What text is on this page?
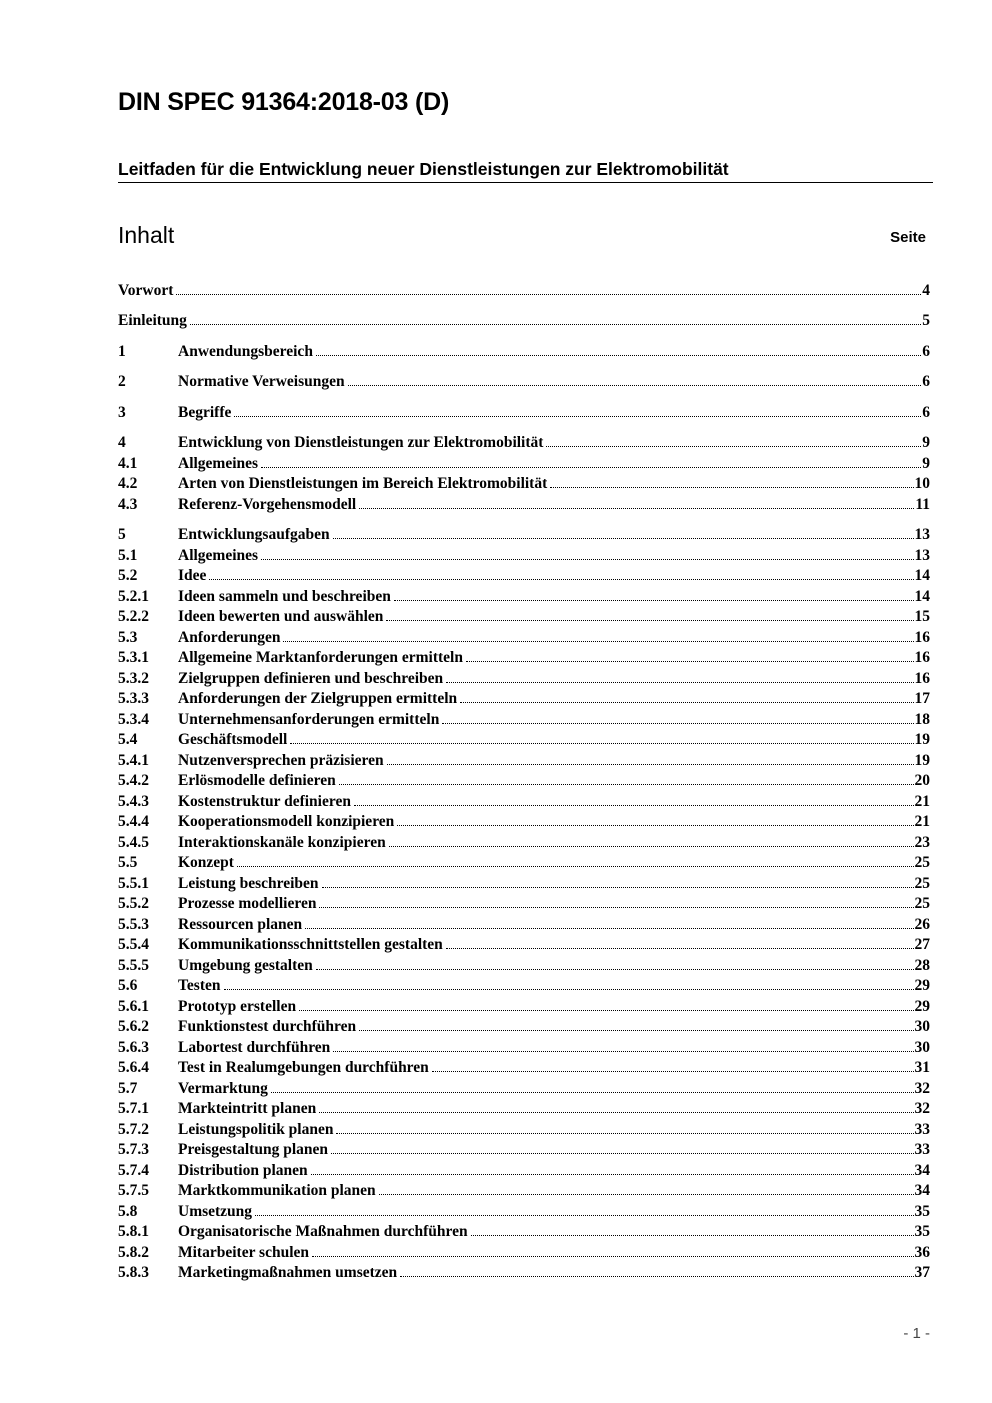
DIN SPEC 91364:2018-03 (D)
Leitfaden für die Entwicklung neuer Dienstleistungen zur Elektromobilität
Inhalt	Seite
Vorwort	4
Einleitung	5
1	Anwendungsbereich	6
2	Normative Verweisungen	6
3	Begriffe	6
4	Entwicklung von Dienstleistungen zur Elektromobilität	9
4.1	Allgemeines	9
4.2	Arten von Dienstleistungen im Bereich Elektromobilität	10
4.3	Referenz-Vorgehensmodell	11
5	Entwicklungsaufgaben	13
5.1	Allgemeines	13
5.2	Idee	14
5.2.1	Ideen sammeln und beschreiben	14
5.2.2	Ideen bewerten und auswählen	15
5.3	Anforderungen	16
5.3.1	Allgemeine Marktanforderungen ermitteln	16
5.3.2	Zielgruppen definieren und beschreiben	16
5.3.3	Anforderungen der Zielgruppen ermitteln	17
5.3.4	Unternehmensanforderungen ermitteln	18
5.4	Geschäftsmodell	19
5.4.1	Nutzenversprechen präzisieren	19
5.4.2	Erlösmodelle definieren	20
5.4.3	Kostenstruktur definieren	21
5.4.4	Kooperationsmodell konzipieren	21
5.4.5	Interaktionskanäle konzipieren	23
5.5	Konzept	25
5.5.1	Leistung beschreiben	25
5.5.2	Prozesse modellieren	25
5.5.3	Ressourcen planen	26
5.5.4	Kommunikationsschnittstellen gestalten	27
5.5.5	Umgebung gestalten	28
5.6	Testen	29
5.6.1	Prototyp erstellen	29
5.6.2	Funktionstest durchführen	30
5.6.3	Labortest durchführen	30
5.6.4	Test in Realumgebungen durchführen	31
5.7	Vermarktung	32
5.7.1	Markteintritt planen	32
5.7.2	Leistungspolitik planen	33
5.7.3	Preisgestaltung planen	33
5.7.4	Distribution planen	34
5.7.5	Marktkommunikation planen	34
5.8	Umsetzung	35
5.8.1	Organisatorische Maßnahmen durchführen	35
5.8.2	Mitarbeiter schulen	36
5.8.3	Marketingmaßnahmen umsetzen	37
- 1 -
